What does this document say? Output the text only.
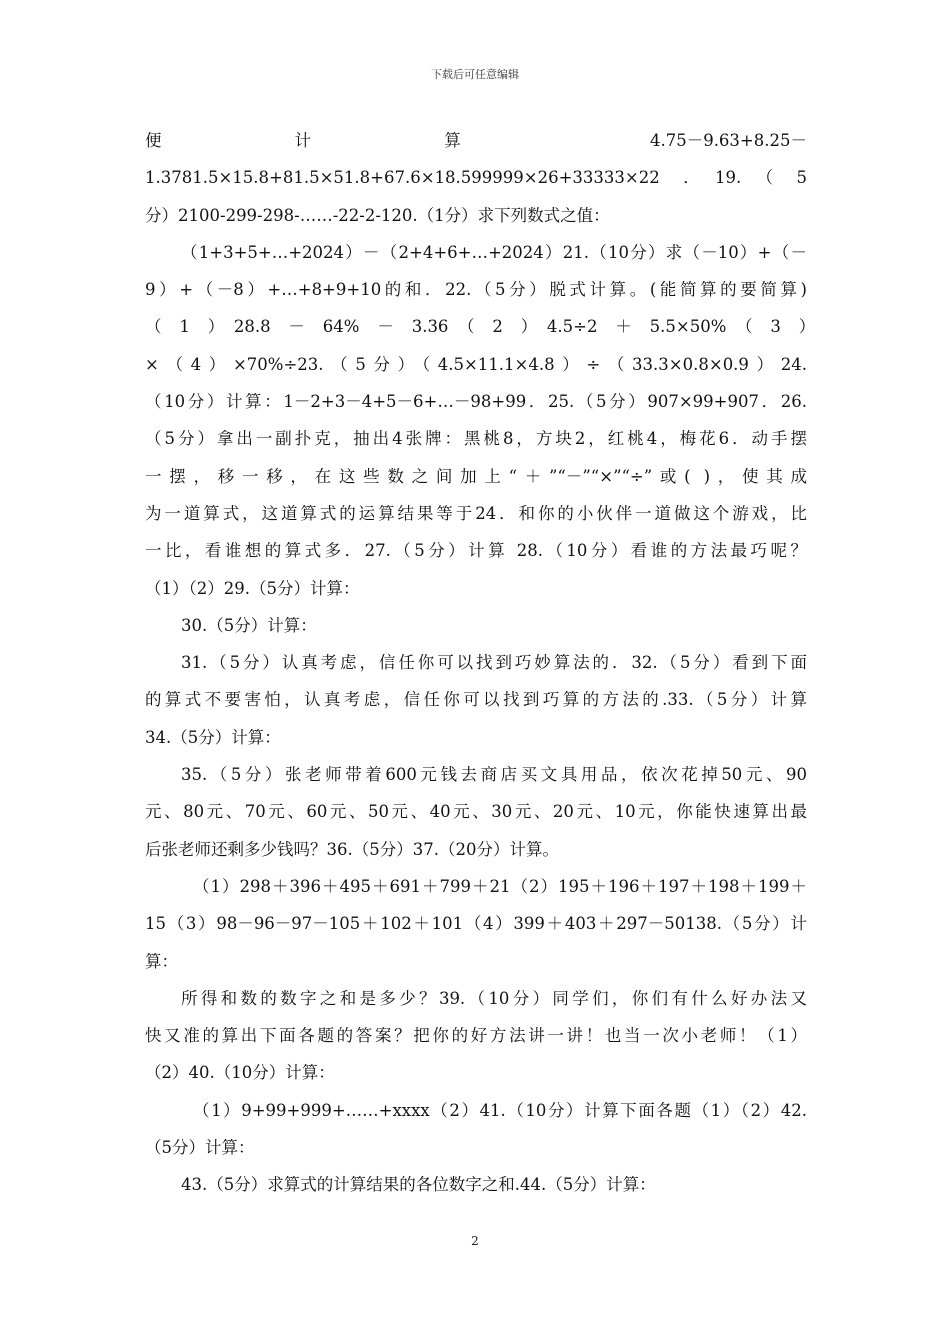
下载后可任意编辑
便　　　　　　　计　　　　　　　算　　　　　　　　　　4.75－9.63+8.25－
1.3781.5×15.8+81.5×51.8+67.6×18.599999×26+33333×22　．　19.　（　5
分）2100-299-298-……-22-2-120.（1分）求下列数式之值：
（1+3+5+…+2024）－（2+4+6+…+2024）21.（10分）求（－10）+（－
9）+（－8）+…+8+9+10的和．22.（5分）脱式计算。(能简算的要简算)
（　1　）　28.8　－　64%　－　3.36　（　2　）　4.5÷2　＋　5.5×50%　（　3　）　　
×（4）×70%÷23.（5分）（4.5×11.1×4.8）÷（33.3×0.8×0.9）24.
（10分）计算：1－2+3－4+5－6+…－98+99．25.（5分）907×99+907．26.
（5分）拿出一副扑克，抽出4张牌：黑桃8，方块2，红桃4，梅花6．动手摆
一摆，移一移，在这些数之间加上“＋”“－”“×”“÷”或( )，使其成
为一道算式，这道算式的运算结果等于24．和你的小伙伴一道做这个游戏，比
一比，看谁想的算式多．27.（5分）计算 28.（10分）看谁的方法最巧呢？
（1）（2）29.（5分）计算：
30.（5分）计算：
31.（5分）认真考虑，信任你可以找到巧妙算法的．32.（5分）看到下面
的算式不要害怕，认真考虑，信任你可以找到巧算的方法的.33.（5分）计算
34.（5分）计算：
35.（5分）张老师带着600元钱去商店买文具用品，依次花掉50元、90
元、80元、70元、60元、50元、40元、30元、20元、10元，你能快速算出最
后张老师还剩多少钱吗？36.（5分）37.（20分）计算。
（1）298＋396＋495＋691＋799＋21（2）195＋196＋197＋198＋199＋
15（3）98－96－97－105＋102＋101（4）399＋403＋297－50138.（5分）计
算：
所得和数的数字之和是多少？39.（10分）同学们，你们有什么好办法又
快又准的算出下面各题的答案？把你的好方法讲一讲！也当一次小老师！（1）
（2）40.（10分）计算：
（1）9+99+999+……+xxxx（2）41.（10分）计算下面各题（1）（2）42.
（5分）计算：
43.（5分）求算式的计算结果的各位数字之和.44.（5分）计算：
2
